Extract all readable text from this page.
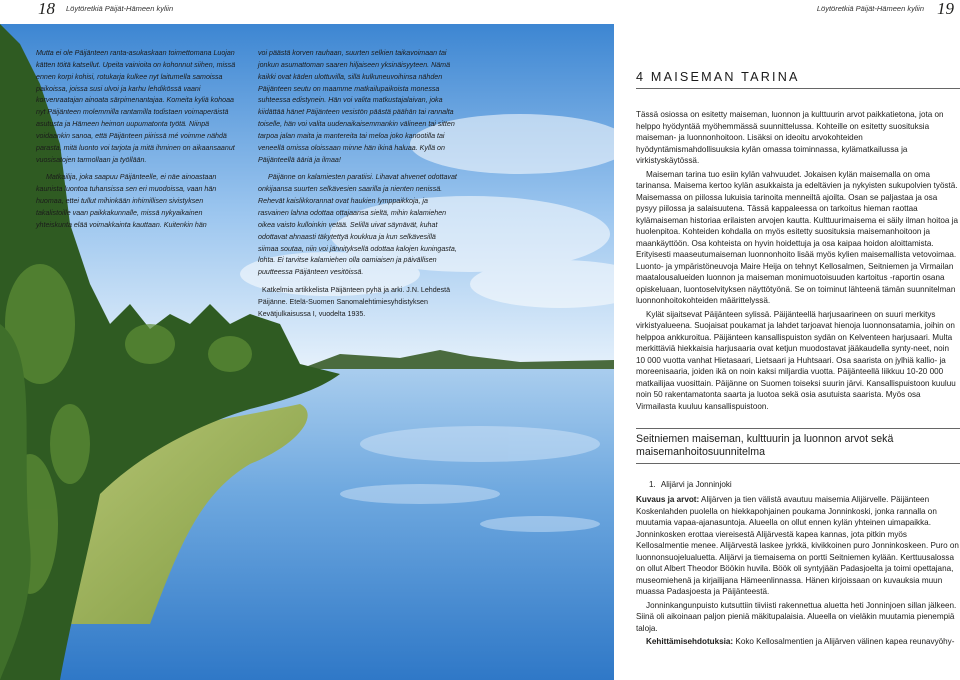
18 Löytöretkiä Päijät-Hämeen kyliin	Löytöretkiä Päijät-Hämeen kyliin 19

Mutta ei ole Päijänteen ranta-asukaskaan toimettomana Luojan kätten töitä katsellut. Upeita vainioita on kohonnut siihen, missä ennen korpi kohisi, rotukarja kulkee nyt laitumella samoissa paikoissa, joissa susi ulvoi ja karhu lehdikössä vaani korvenraatajan ainoata särpimenantajaa. Komeita kyliä kohoaa nyt Päijänteen molemmilla rantamilla todistaen voimaperäistä asutusta ja Hämeen heimon uupumatonta työtä. Niinpä voidaankin sanoa, että Päijänteen piirissä mé voimme nähdä parasta, mitä luonto voi tarjota ja mitä ihminen on aikaansaanut vuosisatojen tarmollaan ja työllään.

Matkailija, joka saapuu Päijänteelle, ei näe ainoastaan kaunista luontoa tuhansissa sen eri muodoissa, vaan hän huomaa, ettei tullut mihinkään inhimillisen sivistyksen takalistoille vaan paikkakunnalle, missä nykyaikainen yhteiskunta elää voimakkainta kauttaan. Kuitenkin hän

voi päästä korven rauhaan, suurten selkien taikavoimaan tai jonkun asumattoman saaren hiljaiseen yksinäisyyteen. Nämä kaikki ovat käden ulottuvilla, sillä kulkuneuvoihinsa nähden Päijänteen seutu on maamme matkailupaikoista monessa suhteessa edistynein. Hän voi valita matkustajalaivan, joka kiidättää hänet Päijänteen vesistön päästä päähän tai rannalta toiselle, hän voi valita uudenaikaisemmankin välineen tai sitten tarpoa jalan maita ja mantereita tai meloa joko kanootilla tai veneellä omissa oloissaan minne hän ikinä haluaa. Kyllä on Päijänteellä ääriä ja ilmaa!

Päijänne on kalamiesten paratiisi. Lihavat ahvenet odottavat onkijaansa suurten selkävesien saarilla ja nienten nenissä. Rehevät kaislikkorannat ovat haukien lymppaikkoja, ja rasvainen lahna odottaa ottajaansa sieltä, mihin kalamiehen oikea vaisto kulloinkin vetää. Selillä uivat säynävät, kuhat odottavat ahnaasti täkytettyä koukkua ja kun selkävesillä siimaa soutaa, niin voi jännityksellä odottaa kalojen kuningasta, lohta. Ei tarvitse kalamiehen olla oamiaisen ja päivällisen puutteessa Päijänteen vesitöissä.

Katkelmia artikkelista Päijänteen pyhä ja arki. J.N. Lehdestä Päijänne. Etelä-Suomen Sanomalehtimiesyhdistyksen Kevätjulkaisussa I, vuodelta 1935.

4 MAISEMAN TARINA

Tässä osiossa on esitetty maiseman, luonnon ja kulttuurin arvot paikkatietona, jota on helppo hyödyntää myöhemmässä suunnittelussa. Kohteille on esitetty suosituksia maiseman- ja luonnonhoitoon. Lisäksi on ideoitu arvokohteiden hyödyntämismahdollisuuksia kylän omassa toiminnassa, kylämatkailussa ja virkistyskäytössä.

Maiseman tarina tuo esiin kylän vahvuudet. Jokaisen kylän maisemalla on oma tarinansa. Maisema kertoo kylän asukkaista ja edeltävien ja nykyisten sukupolvien työstä. Maisemassa on piilossa lukuisia tarinoita menneiltä ajoilta. Osan se paljastaa ja osa pysyy piilossa ja salaisuutena. Tässä kappaleessa on tarkoitus hieman raottaa kylämaiseman historiaa erilaisten arvojen kautta. Kulttuurimaisema ei säily ilman hoitoa ja huolenpitoa. Kohteiden kohdalla on myös esitetty suosituksia maisemanhoitoon ja maankäyttöön. Osa kohteista on hyvin hoidettuja ja osa kaipaa hoidon aloittamista. Erityisesti maaseutumaiseman luonnonhoito lisää myös kylien maisemallista vetovoimaa. Luonto- ja ympäristöneuvoja Maire Heija on tehnyt Kellosalmen, Seitniemen ja Virmailan maatalousalueiden luonnon ja maiseman monimuotoisuuden kartoitus -raportin osana opiskeluaan, luontoselvityksen näyttötyönä. Se on toiminut lähteenä tämän suunnitelman luonnonhoitokohteiden määrittelyssä.

Kylät sijaitsevat Päijänteen sylissä. Päijänteellä harjusaarineen on suuri merkitys virkistyalueena. Suojaisat poukamat ja lahdet tarjoavat hienoja luonnonsatamia, joihin on helppoa ankkuroitua. Päijänteen kansallispuiston sydän on Kelventeen harjusaari. Multa merkittäviä hiekkaisia harjusaaria ovat ketjun muodostavat jääkaudella synty-neet, noin 10 000 vuotta vanhat Hietasaari, Lietsaari ja Huhtsaari. Osa saarista on jylhiä kallio- ja moreenisaaria, joiden ikä on noin kaksi miljardia vuotta. Päijänteellä liikkuu 10-20 000 matkailijaa vuosittain. Päijänne on Suomen toiseksi suurin järvi. Kansallispuistoon kuuluu noin 50 rakentamatonta saarta ja luotoa sekä osia asutuista saarista. Myös osa Virmailasta kuuluu kansallispuistoon.

Seitniemen maiseman, kulttuurin ja luonnon arvot sekä maisemanhoitosuunnitelma
1. Alijärvi ja Jonninjoki

Kuvaus ja arvot: Alijärven ja tien välistä avautuu maisemia Alijärvelle. Päijänteen Koskenlahden puolella on hiekkapohjainen poukama Jonninkoski, jonka rannalla on muutamia vapaa-ajanasuntoja. Alueella on ollut ennen kylän yhteinen uimapaikka. Jonninkosken erottaa viereisestä Alijärvestä kapea kannas, jota pitkin myös Kellosalmentie menee. Alijärvestä laskee jyrkkä, kivikkoinen puro Jonninkoskeen. Puro on luonnonsuojelualuetta. Alijärvi ja tiemaisema on portti Seitniemen kylään. Kerttuusalossa on ollut Albert Theodor Böökin huvila. Böök oli syntyjään Padasjoelta ja toimi opettajana, museomiehenä ja kirjailijana Hämeenlinnassa. Hänen kirjoissaan on kuvauksia muun muassa Padasjoesta ja Päijänteestä.

Jonninkangunpuisto kutsuttiin tiiviisti rakennettua aluetta heti Jonninjoen sillan jälkeen. Siinä oli aikoinaan paljon pieniä mäkitupalaisia. Alueella on vieläkin muutamia pienempiä taloja.

Kehittämisehdotuksia: Koko Kellosalmentien ja Alijärven välinen kapea reunavyöhy-
